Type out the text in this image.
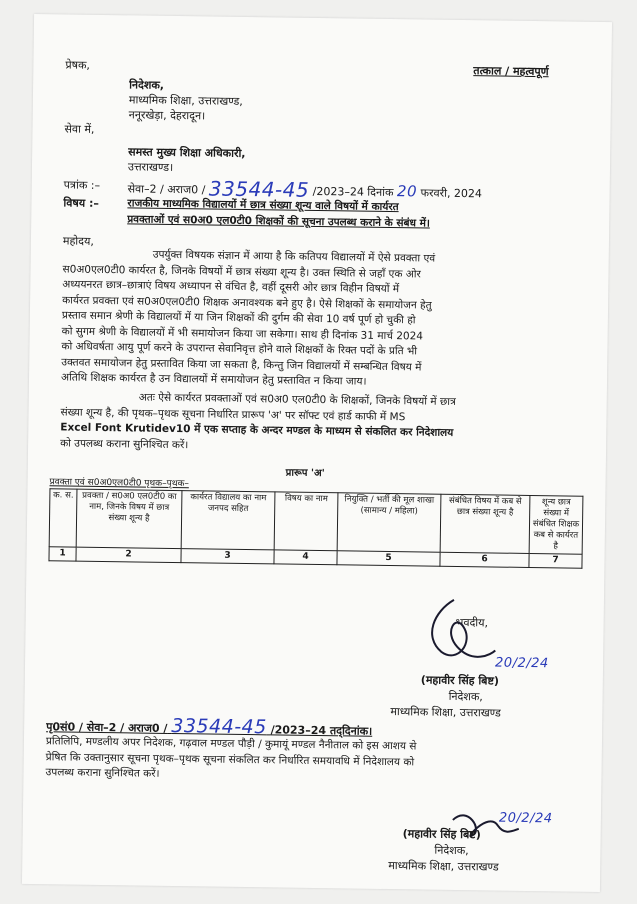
प्रेषक,	तत्काल / महत्वपूर्ण
निदेशक,
माध्यमिक शिक्षा, उत्तराखण्ड,
ननूरखेड़ा, देहरादून।
सेवा में,
समस्त मुख्य शिक्षा अधिकारी,
उत्तराखण्ड।
पत्रांक :– सेवा–2 / अराज0 / 33544-45 /2023–24 दिनांक 20 फरवरी, 2024
विषय :–	राजकीय माध्यमिक विद्यालयों में छात्र संख्या शून्य वाले विषयों में कार्यरत
प्रवक्ताओं एवं स0अ0 एल0टी0 शिक्षकों की सूचना उपलब्ध कराने के संबंध में।
महोदय,
उपर्युक्त विषयक संज्ञान में आया है कि कतिपय विद्यालयों में ऐसे प्रवक्ता एवं
स0अ0एल0टी0 कार्यरत है, जिनके विषयों में छात्र संख्या शून्य है। उक्त स्थिति से जहाँ एक ओर
अध्ययनरत छात्र–छात्राएं विषय अध्यापन से वंचित है, वहीं दूसरी ओर छात्र विहीन विषयों में
कार्यरत प्रवक्ता एवं स0अ0एल0टी0 शिक्षक अनावश्यक बने हुए है। ऐसे शिक्षकों के समायोजन हेतु
प्रस्ताव समान श्रेणी के विद्यालयों में या जिन शिक्षकों की दुर्गम की सेवा 10 वर्ष पूर्ण हो चुकी हो
को सुगम श्रेणी के विद्यालयों में भी समायोजन किया जा सकेगा। साथ ही दिनांक 31 मार्च 2024
को अधिवर्षता आयु पूर्ण करने के उपरान्त सेवानिवृत्त होने वाले शिक्षकों के रिक्त पदों के प्रति भी
उक्तवत समायोजन हेतु प्रस्तावित किया जा सकता है, किन्तु जिन विद्यालयों में सम्बन्धित विषय में
अतिथि शिक्षक कार्यरत है उन विद्यालयों में समायोजन हेतु प्रस्तावित न किया जाय।
अतः ऐसे कार्यरत प्रवक्ताओं एवं स0अ0 एल0टी0 के शिक्षकों, जिनके विषयों में छात्र
संख्या शून्य है, की पृथक–पृथक सूचना निर्धारित प्रारूप 'अ' पर सॉफ्ट एवं हार्ड काफी में MS
Excel Font Krutidev10 में एक सप्ताह के अन्दर मण्डल के माध्यम से संकलित कर निदेशालय
को उपलब्ध कराना सुनिश्चित करें।
प्रारूप 'अ'
प्रवक्ता एवं स0अ0एल0टी0 पृथक–पृथक–
क. स.	प्रवक्ता / स0अ0 एल0टी0 का नाम, जिनके विषय में छात्र संख्या शून्य है	कार्यरत विद्यालय का नाम जनपद सहित	विषय का नाम	नियुक्ति / भर्ती की मूल शाखा (सामान्य / महिला)	संबंधित विषय में कब से छात्र संख्या शून्य है	शून्य छात्र संख्या में संबंधित शिक्षक कब से कार्यरत है
1	2	3	4	5	6	7
भवदीय,
20/2/24
(महावीर सिंह बिष्ट)
निदेशक,
माध्यमिक शिक्षा, उत्तराखण्ड
पृ0सं0 / सेवा–2 / अराज0 / 33544-45 /2023–24 तद्‌दिनांक।
प्रतिलिपि, मण्डलीय अपर निदेशक, गढ़वाल मण्डल पौड़ी / कुमायूं मण्डल नैनीताल को इस आशय से
प्रेषित कि उक्तानुसार सूचना पृथक–पृथक सूचना संकलित कर निर्धारित समयावधि में निदेशालय को
उपलब्ध कराना सुनिश्चित करें।
20/2/24
(महावीर सिंह बिष्ट)
निदेशक,
माध्यमिक शिक्षा, उत्तराखण्ड
